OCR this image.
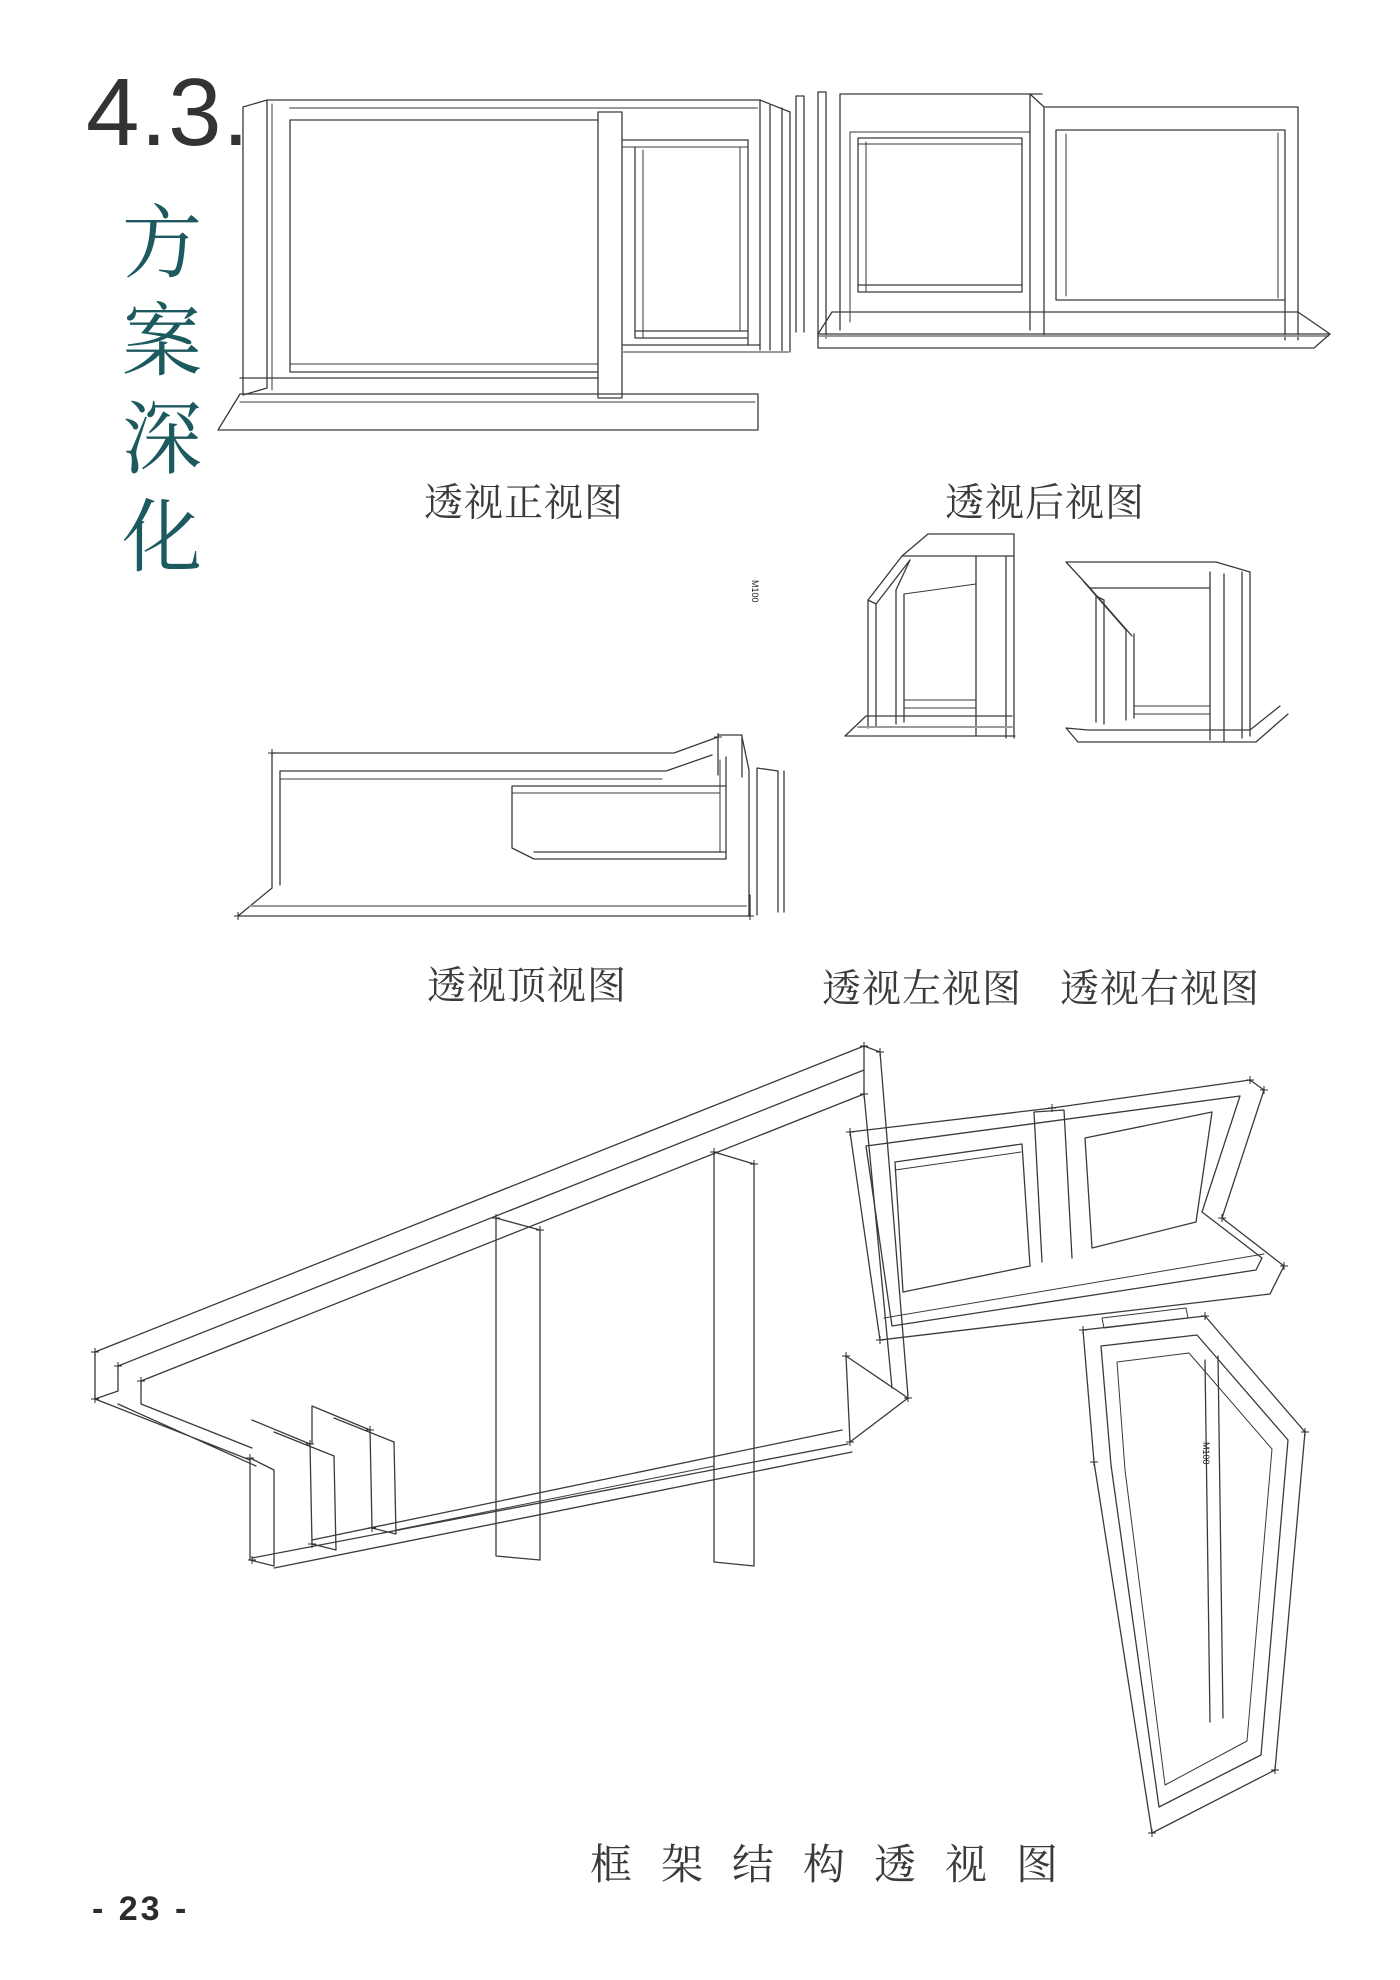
4.3.
方
案
深
化	透视正视图	透视后视图
透视顶视图	透视左视图 透视右视图
框架结构透视图
M100
M100
- 23 -
